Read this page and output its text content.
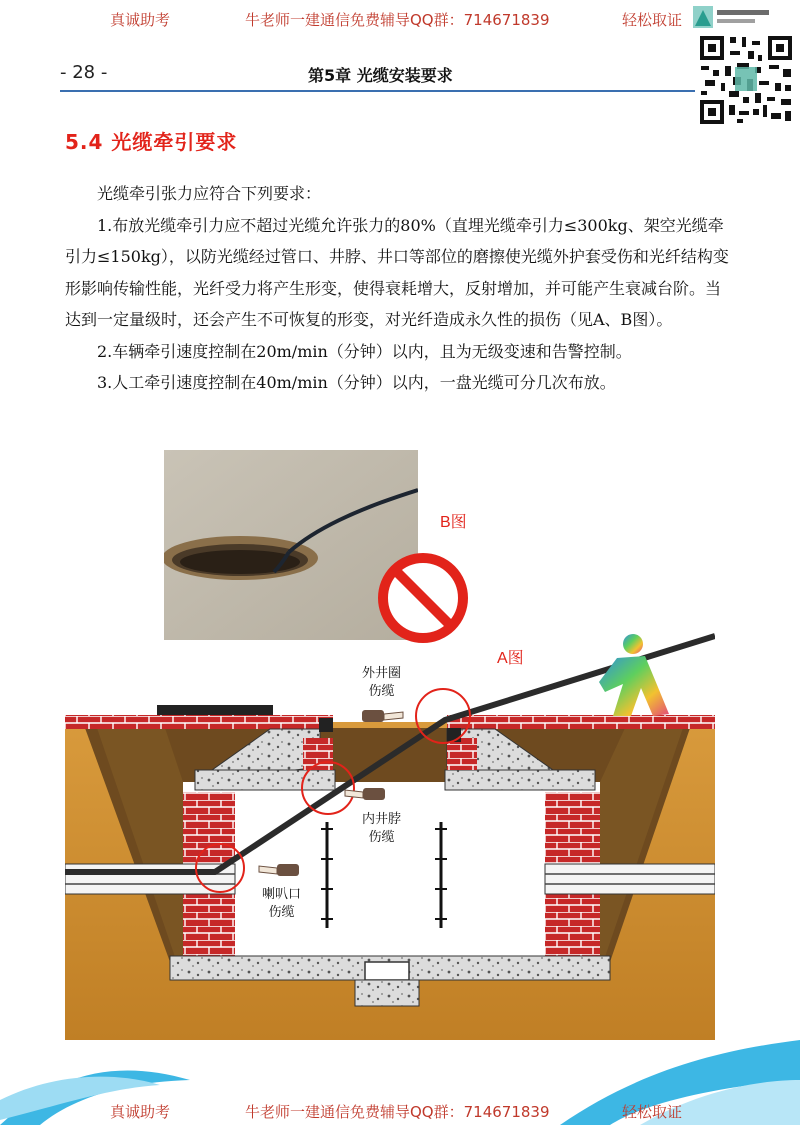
真诚助考	牛老师一建通信免费辅导QQ群：714671839	轻松取证
- 28 -	第5章 光缆安装要求
5.4 光缆牵引要求

光缆牵引张力应符合下列要求：

1.布放光缆牵引力应不超过光缆允许张力的80%（直埋光缆牵引力≤300kg、架空光缆牵引力≤150kg），以防光缆经过管口、井脖、井口等部位的磨擦使光缆外护套受伤和光纤结构变形影响传输性能，光纤受力将产生形变，使得衰耗增大，反射增加，并可能产生衰减台阶。当达到一定量级时，还会产生不可恢复的形变，对光纤造成永久性的损伤（见A、B图）。

2.车辆牵引速度控制在20m/min（分钟）以内，且为无级变速和告警控制。

3.人工牵引速度控制在40m/min（分钟）以内，一盘光缆可分几次布放。

B图
A图
外井圈
伤缆
内井脖
伤缆
喇叭口
伤缆
真诚助考	牛老师一建通信免费辅导QQ群：714671839	轻松取证
